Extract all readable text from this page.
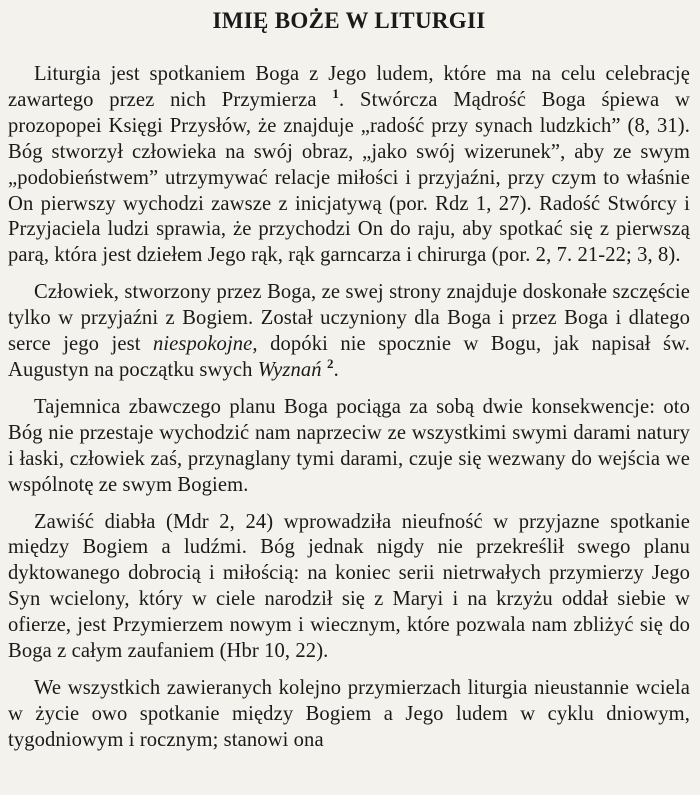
IMIĘ BOŻE W LITURGII

Liturgia jest spotkaniem Boga z Jego ludem, które ma na celu celebrację zawartego przez nich Przymierza $^1$. Stwórcza Mądrość Boga śpiewa w prozopopei Księgi Przysłów, że znajduje „radość przy synach ludzkich” (8, 31). Bóg stworzył człowieka na swój obraz, „jako swój wizerunek”, aby ze swym „podobieństwem” utrzymywać relacje miłości i przyjaźni, przy czym to właśnie On pierwszy wychodzi zawsze z inicjatywą (por. Rdz 1, 27). Radość Stwórcy i Przyjaciela ludzi sprawia, że przychodzi On do raju, aby spotkać się z pierwszą parą, która jest dziełem Jego rąk, rąk garncarza i chirurga (por. 2, 7. 21-22; 3, 8).

Człowiek, stworzony przez Boga, ze swej strony znajduje doskonałe szczęście tylko w przyjaźni z Bogiem. Został uczyniony dla Boga i przez Boga i dlatego serce jego jest niespokojne, dopóki nie spocznie w Bogu, jak napisał św. Augustyn na początku swych Wyznań $^2$.

Tajemnica zbawczego planu Boga pociąga za sobą dwie konsekwencje: oto Bóg nie przestaje wychodzić nam naprzeciw ze wszystkimi swymi darami natury i łaski, człowiek zaś, przynaglany tymi darami, czuje się wezwany do wejścia we wspólnotę ze swym Bogiem.

Zawiść diabła (Mdr 2, 24) wprowadziła nieufność w przyjazne spotkanie między Bogiem a ludźmi. Bóg jednak nigdy nie przekreślił swego planu dyktowanego dobrocią i miłością: na koniec serii nietrwałych przymierzy Jego Syn wcielony, który w ciele narodził się z Maryi i na krzyżu oddał siebie w ofierze, jest Przymierzem nowym i wiecznym, które pozwala nam zbliżyć się do Boga z całym zaufaniem (Hbr 10, 22).

We wszystkich zawieranych kolejno przymierzach liturgia nieustannie wciela w życie owo spotkanie między Bogiem a Jego ludem w cyklu dniowym, tygodniowym i rocznym; stanowi ona
